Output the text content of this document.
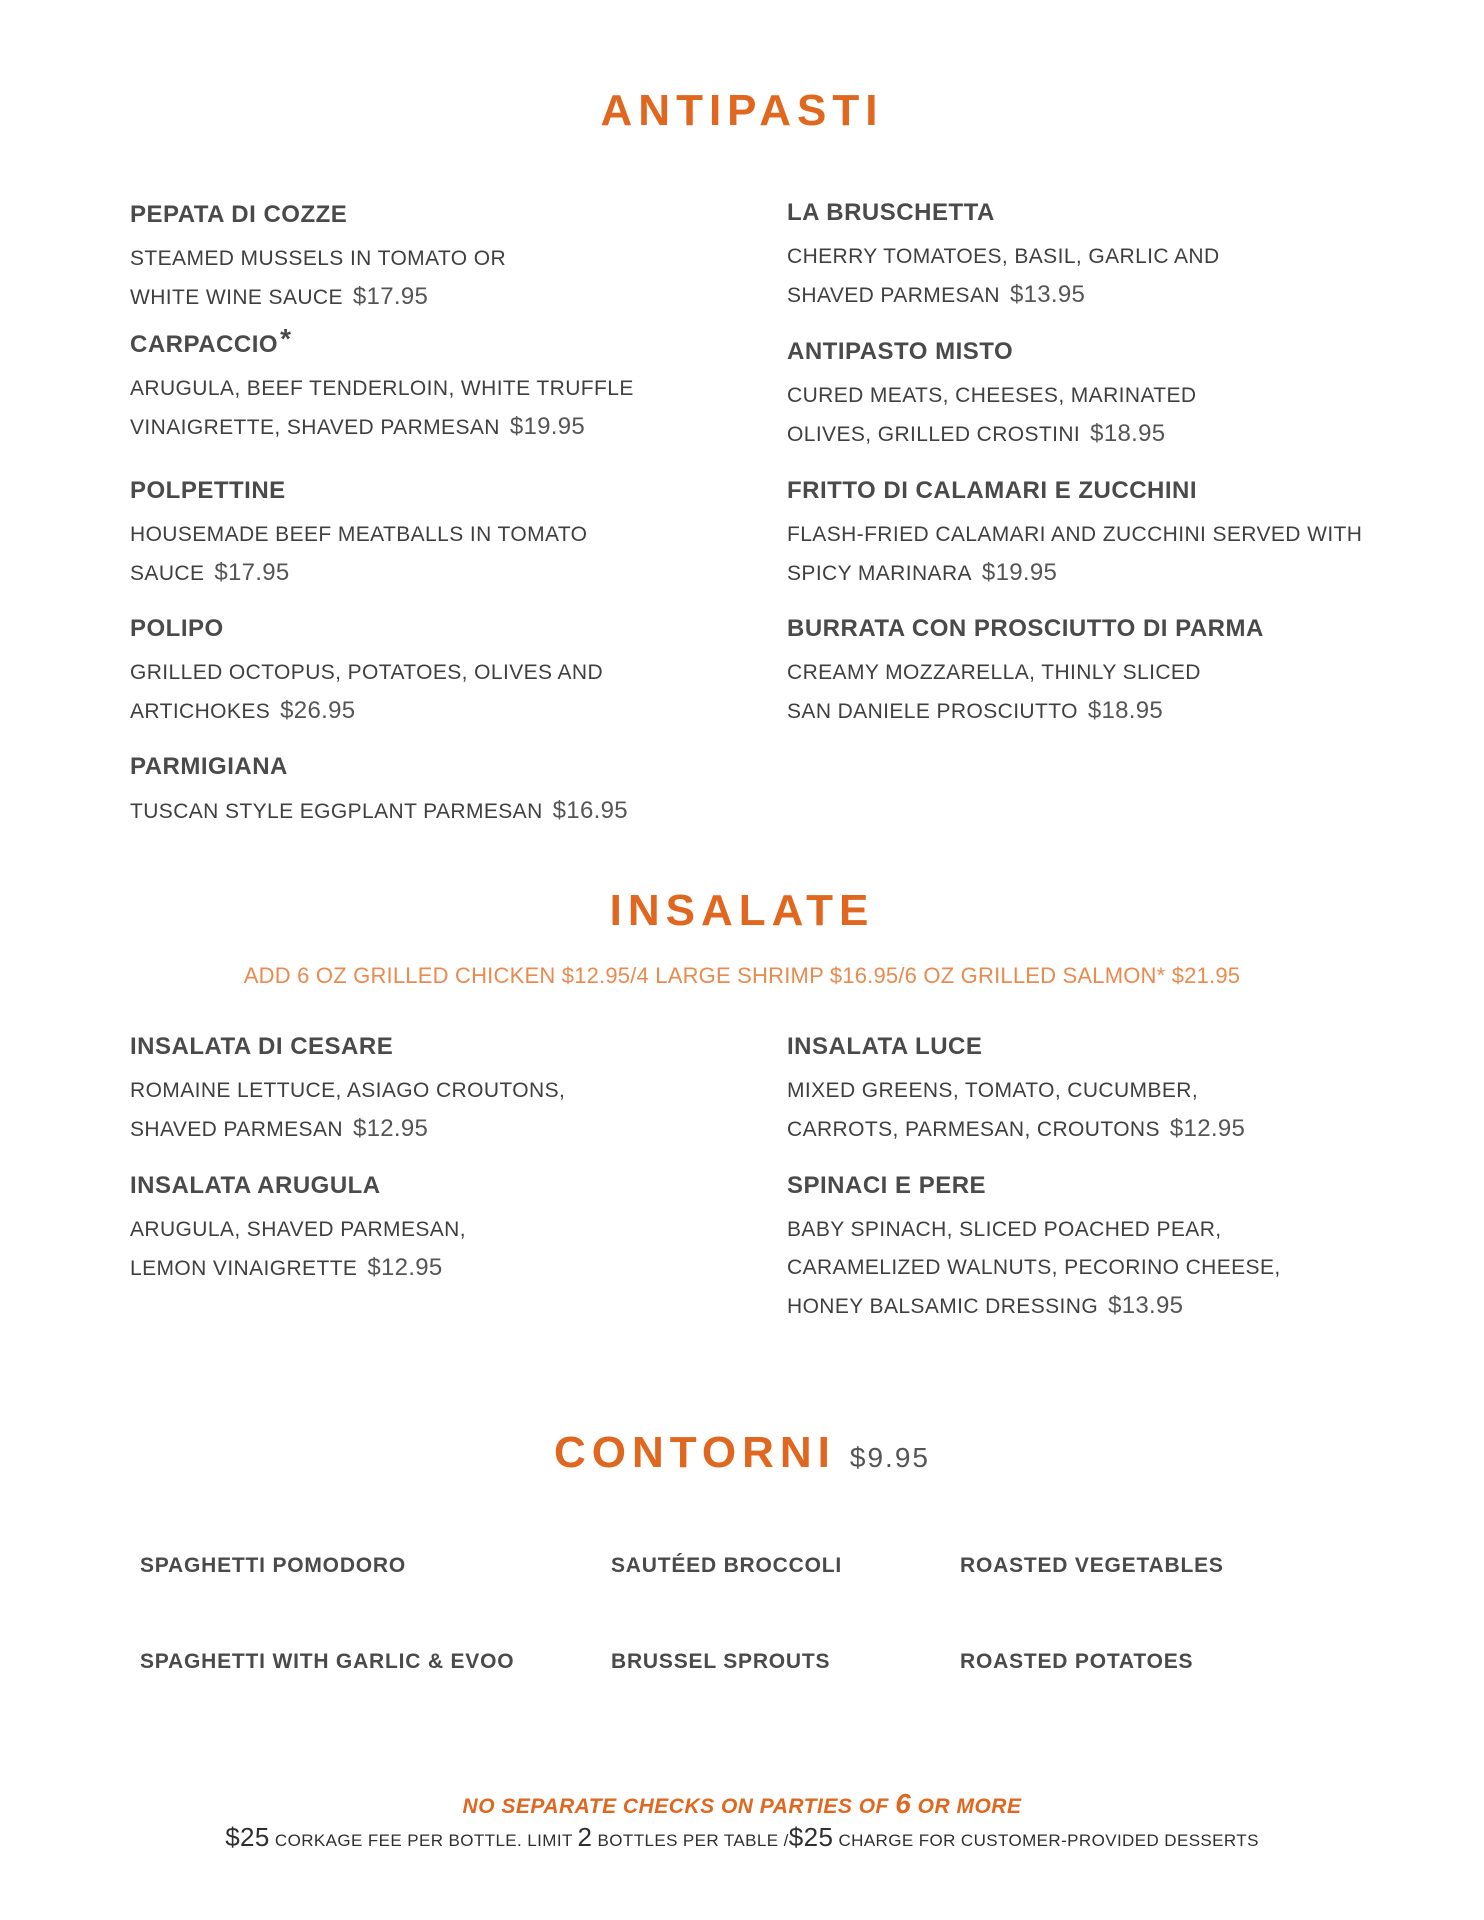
ANTIPASTI
PEPATA DI COZZE
STEAMED MUSSELS IN TOMATO OR
WHITE WINE SAUCE $17.95
CARPACCIO*
ARUGULA, BEEF TENDERLOIN, WHITE TRUFFLE
VINAIGRETTE, SHAVED PARMESAN $19.95
POLPETTINE
HOUSEMADE BEEF MEATBALLS IN TOMATO
SAUCE $17.95
POLIPO
GRILLED OCTOPUS, POTATOES, OLIVES AND
ARTICHOKES $26.95
PARMIGIANA
TUSCAN STYLE EGGPLANT PARMESAN $16.95
LA BRUSCHETTA
CHERRY TOMATOES, BASIL, GARLIC AND
SHAVED PARMESAN $13.95
ANTIPASTO MISTO
CURED MEATS, CHEESES, MARINATED
OLIVES, GRILLED CROSTINI $18.95
FRITTO DI CALAMARI E ZUCCHINI
FLASH-FRIED CALAMARI AND ZUCCHINI SERVED WITH
SPICY MARINARA $19.95
BURRATA CON PROSCIUTTO DI PARMA
CREAMY MOZZARELLA, THINLY SLICED
SAN DANIELE PROSCIUTTO $18.95
INSALATE
ADD 6 OZ GRILLED CHICKEN $12.95/4 LARGE SHRIMP $16.95/6 OZ GRILLED SALMON* $21.95
INSALATA DI CESARE
ROMAINE LETTUCE, ASIAGO CROUTONS,
SHAVED PARMESAN $12.95
INSALATA ARUGULA
ARUGULA, SHAVED PARMESAN,
LEMON VINAIGRETTE $12.95
INSALATA LUCE
MIXED GREENS, TOMATO, CUCUMBER,
CARROTS, PARMESAN, CROUTONS $12.95
SPINACI E PERE
BABY SPINACH, SLICED POACHED PEAR,
CARAMELIZED WALNUTS, PECORINO CHEESE,
HONEY BALSAMIC DRESSING $13.95
CONTORNI $9.95
SPAGHETTI POMODORO	SAUTÉED BROCCOLI	ROASTED VEGETABLES
SPAGHETTI WITH GARLIC & EVOO	BRUSSEL SPROUTS	ROASTED POTATOES
NO SEPARATE CHECKS ON PARTIES OF 6 OR MORE
$25 CORKAGE FEE PER BOTTLE. LIMIT 2 BOTTLES PER TABLE /$25 CHARGE FOR CUSTOMER-PROVIDED DESSERTS
